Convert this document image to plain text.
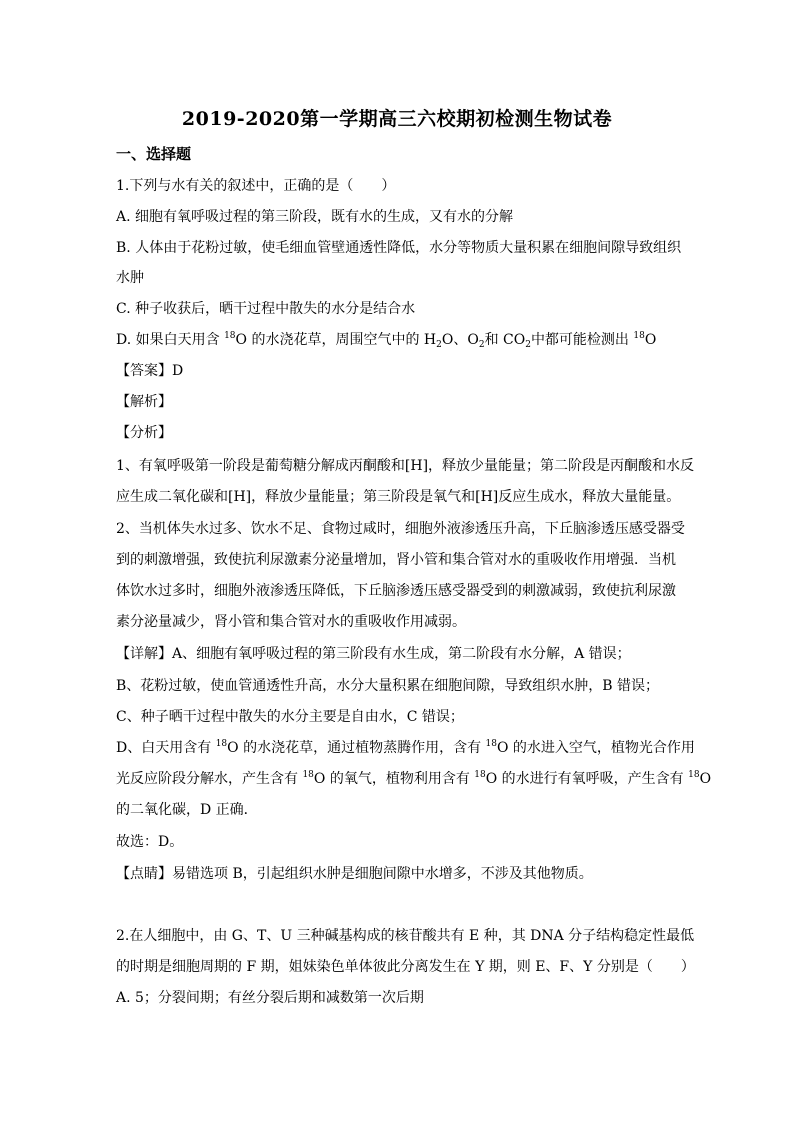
2019-2020第一学期高三六校期初检测生物试卷
一、选择题
1.下列与水有关的叙述中，正确的是（　　）
A. 细胞有氧呼吸过程的第三阶段，既有水的生成，又有水的分解
B. 人体由于花粉过敏，使毛细血管壁通透性降低，水分等物质大量积累在细胞间隙导致组织
水肿
C. 种子收获后，晒干过程中散失的水分是结合水
D. 如果白天用含 $^{18}$O 的水浇花草，周围空气中的 $H_2O$、$O_2$和 $CO_2$中都可能检测出 $^{18}$O
【答案】D
【解析】
【分析】
1、有氧呼吸第一阶段是葡萄糖分解成丙酮酸和[H]，释放少量能量；第二阶段是丙酮酸和水反
应生成二氧化碳和[H]，释放少量能量；第三阶段是氧气和[H]反应生成水，释放大量能量。
2、当机体失水过多、饮水不足、食物过咸时，细胞外液渗透压升高，下丘脑渗透压感受器受
到的刺激增强，致使抗利尿激素分泌量增加，肾小管和集合管对水的重吸收作用增强．当机
体饮水过多时，细胞外液渗透压降低，下丘脑渗透压感受器受到的刺激减弱，致使抗利尿激
素分泌量减少，肾小管和集合管对水的重吸收作用减弱。
【详解】A、细胞有氧呼吸过程的第三阶段有水生成，第二阶段有水分解，A 错误；
B、花粉过敏，使血管通透性升高，水分大量积累在细胞间隙，导致组织水肿，B 错误；
C、种子晒干过程中散失的水分主要是自由水，C 错误；
D、白天用含有 $^{18}$O 的水浇花草，通过植物蒸腾作用，含有 $^{18}$O 的水进入空气，植物光合作用
光反应阶段分解水，产生含有 $^{18}$O 的氧气，植物利用含有 $^{18}$O 的水进行有氧呼吸，产生含有 $^{18}$O
的二氧化碳，D 正确．
故选：D。
【点睛】易错选项 B，引起组织水肿是细胞间隙中水增多，不涉及其他物质。
2.在人细胞中，由 G、T、U 三种碱基构成的核苷酸共有 E 种，其 DNA 分子结构稳定性最低
的时期是细胞周期的 F 期，姐妹染色单体彼此分离发生在 Y 期，则 E、F、Y 分别是（　　）
A. 5；分裂间期；有丝分裂后期和减数第一次后期
